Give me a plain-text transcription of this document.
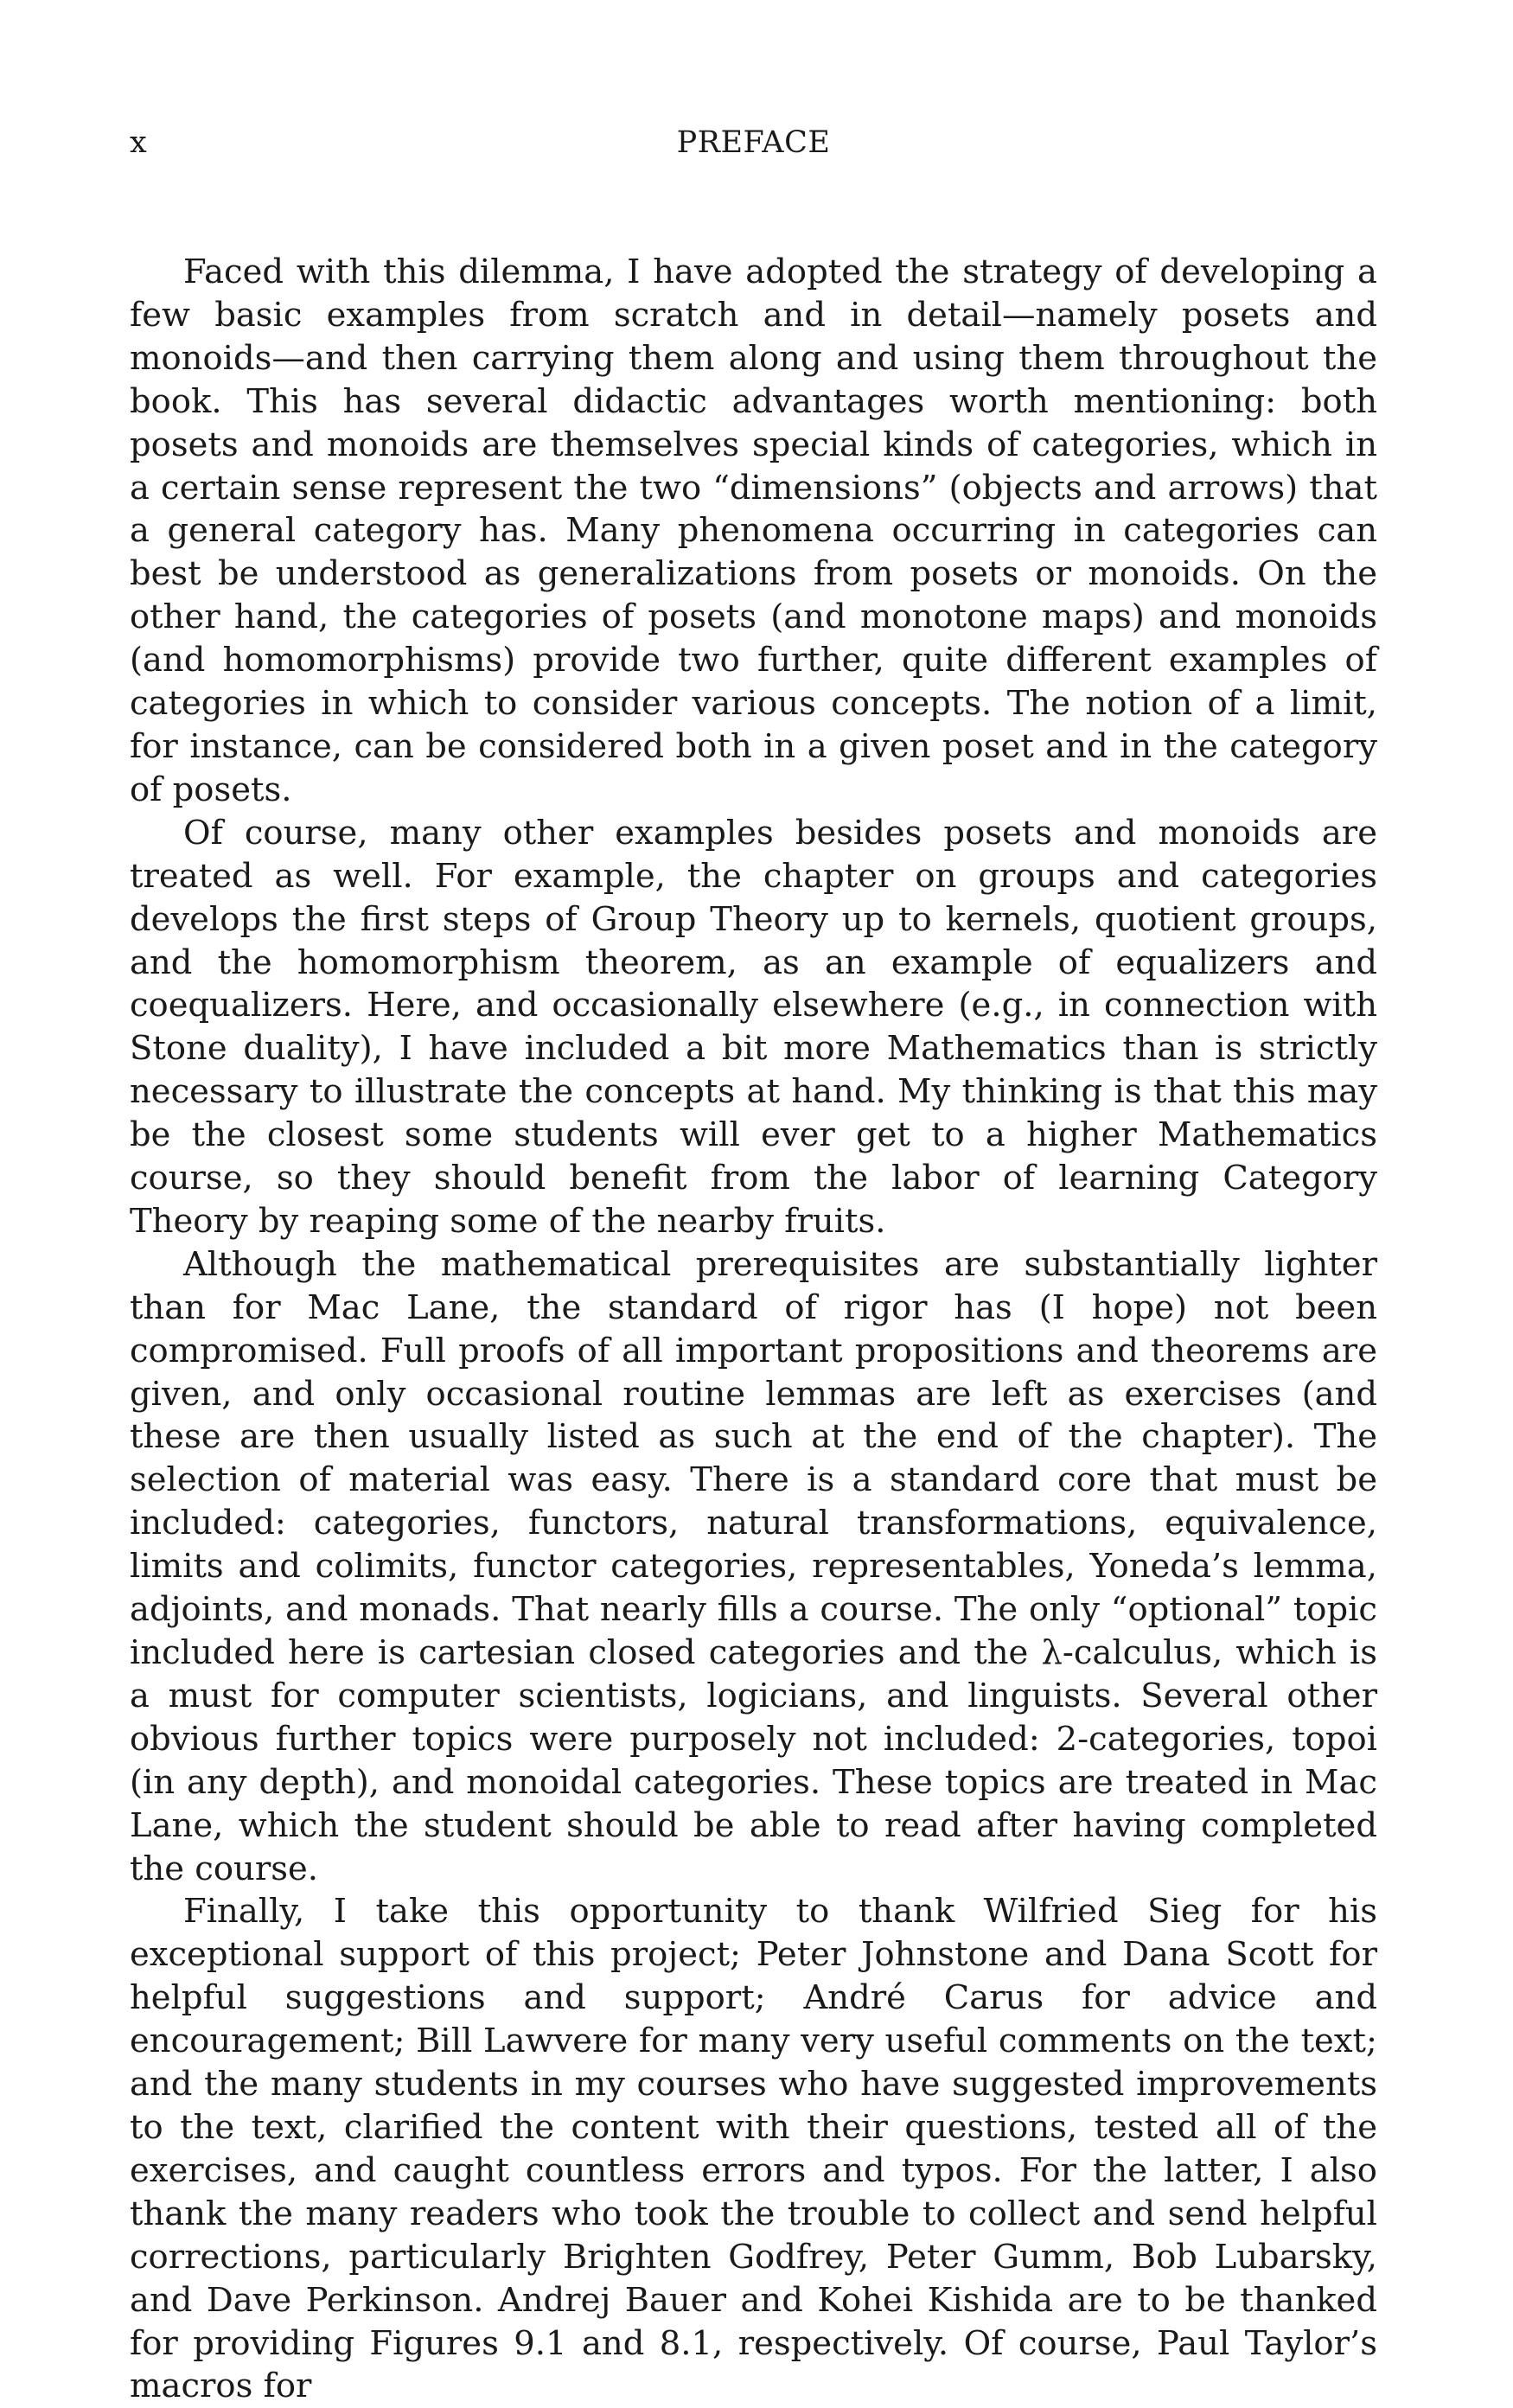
x	PREFACE

Faced with this dilemma, I have adopted the strategy of developing a few basic examples from scratch and in detail—namely posets and monoids—and then carrying them along and using them throughout the book. This has several didactic advantages worth mentioning: both posets and monoids are themselves special kinds of categories, which in a certain sense represent the two “dimensions” (objects and arrows) that a general category has. Many phenomena occurring in categories can best be understood as generalizations from posets or monoids. On the other hand, the categories of posets (and monotone maps) and monoids (and homomorphisms) provide two further, quite different examples of categories in which to consider various concepts. The notion of a limit, for instance, can be considered both in a given poset and in the category of posets.

Of course, many other examples besides posets and monoids are treated as well. For example, the chapter on groups and categories develops the first steps of Group Theory up to kernels, quotient groups, and the homomorphism theorem, as an example of equalizers and coequalizers. Here, and occasionally elsewhere (e.g., in connection with Stone duality), I have included a bit more Mathematics than is strictly necessary to illustrate the concepts at hand. My thinking is that this may be the closest some students will ever get to a higher Mathematics course, so they should benefit from the labor of learning Category Theory by reaping some of the nearby fruits.

Although the mathematical prerequisites are substantially lighter than for Mac Lane, the standard of rigor has (I hope) not been compromised. Full proofs of all important propositions and theorems are given, and only occasional routine lemmas are left as exercises (and these are then usually listed as such at the end of the chapter). The selection of material was easy. There is a standard core that must be included: categories, functors, natural transformations, equivalence, limits and colimits, functor categories, representables, Yoneda’s lemma, adjoints, and monads. That nearly fills a course. The only “optional” topic included here is cartesian closed categories and the λ-calculus, which is a must for computer scientists, logicians, and linguists. Several other obvious further topics were purposely not included: 2-categories, topoi (in any depth), and monoidal categories. These topics are treated in Mac Lane, which the student should be able to read after having completed the course.

Finally, I take this opportunity to thank Wilfried Sieg for his exceptional support of this project; Peter Johnstone and Dana Scott for helpful suggestions and support; André Carus for advice and encouragement; Bill Lawvere for many very useful comments on the text; and the many students in my courses who have suggested improvements to the text, clarified the content with their questions, tested all of the exercises, and caught countless errors and typos. For the latter, I also thank the many readers who took the trouble to collect and send helpful corrections, particularly Brighten Godfrey, Peter Gumm, Bob Lubarsky, and Dave Perkinson. Andrej Bauer and Kohei Kishida are to be thanked for providing Figures 9.1 and 8.1, respectively. Of course, Paul Taylor’s macros for
